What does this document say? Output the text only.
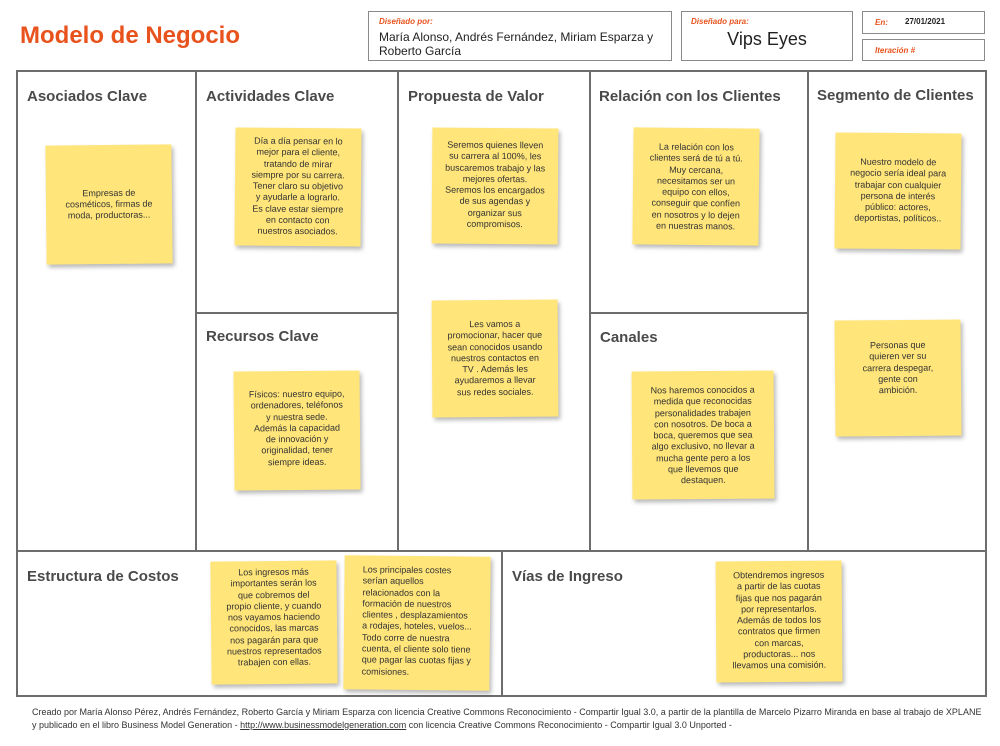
Modelo de Negocio
Diseñado por:
María Alonso, Andrés Fernández, Miriam Esparza y Roberto García
Diseñado para:
Vips Eyes
En: 27/01/2021
Iteración #
Asociados Clave	Actividades Clave
Recursos Clave
Propuesta de Valor	Relación con los Clientes
Canales
Segmento de Clientes
Estructura de Costos	Vías de Ingreso
Empresas de
cosméticos, firmas de
moda, productoras...
Día a día pensar en lo
mejor para el cliente,
tratando de mirar
siempre por su carrera.
Tener claro su objetivo
y ayudarle a lograrlo.
Es clave estar siempre
en contacto con
nuestros asociados.
Físicos: nuestro equipo,
ordenadores, teléfonos
y nuestra sede.
Además la capacidad
de innovación y
originalidad, tener
siempre ideas.
Seremos quienes lleven
su carrera al 100%, les
buscaremos trabajo y las
mejores ofertas.
Seremos los encargados
de sus agendas y
organizar sus
compromisos.
Les vamos a
promocionar, hacer que
sean conocidos usando
nuestros contactos en
TV . Además les
ayudaremos a llevar
sus redes sociales.
La relación con los
clientes será de tú a tú.
Muy cercana,
necesitamos ser un
equipo con ellos,
conseguir que confíen
en nosotros y lo dejen
en nuestras manos.
Nos haremos conocidos a
medida que reconocidas
personalidades trabajen
con nosotros. De boca a
boca, queremos que sea
algo exclusivo, no llevar a
mucha gente pero a los
que llevemos que
destaquen.
Nuestro modelo de
negocio sería ideal para
trabajar con cualquier
persona de interés
público: actores,
deportistas, políticos..
Personas que
quieren ver su
carrera despegar,
gente con
ambición.
Los ingresos más
importantes serán los
que cobremos del
propio cliente, y cuando
nos vayamos haciendo
conocidos, las marcas
nos pagarán para que
nuestros representados
trabajen con ellas.
Los principales costes
serían aquellos
relacionados con la
formación de nuestros
clientes , desplazamientos
a rodajes, hoteles, vuelos...
Todo corre de nuestra
cuenta, el cliente solo tiene
que pagar las cuotas fijas y
comisiones.
Obtendremos ingresos
a partir de las cuotas
fijas que nos pagarán
por representarlos.
Además de todos los
contratos que firmen
con marcas,
productoras... nos
llevamos una comisión.
Creado por María Alonso Pérez, Andrés Fernández, Roberto García y Miriam Esparza con licencia Creative Commons Reconocimiento - Compartir Igual 3.0, a partir de la plantilla de Marcelo Pizarro Miranda en base al trabajo de XPLANE y publicado en el libro Business Model Generation - http://www.businessmodelgeneration.com con licencia Creative Commons Reconocimiento - Compartir Igual 3.0 Unported -
